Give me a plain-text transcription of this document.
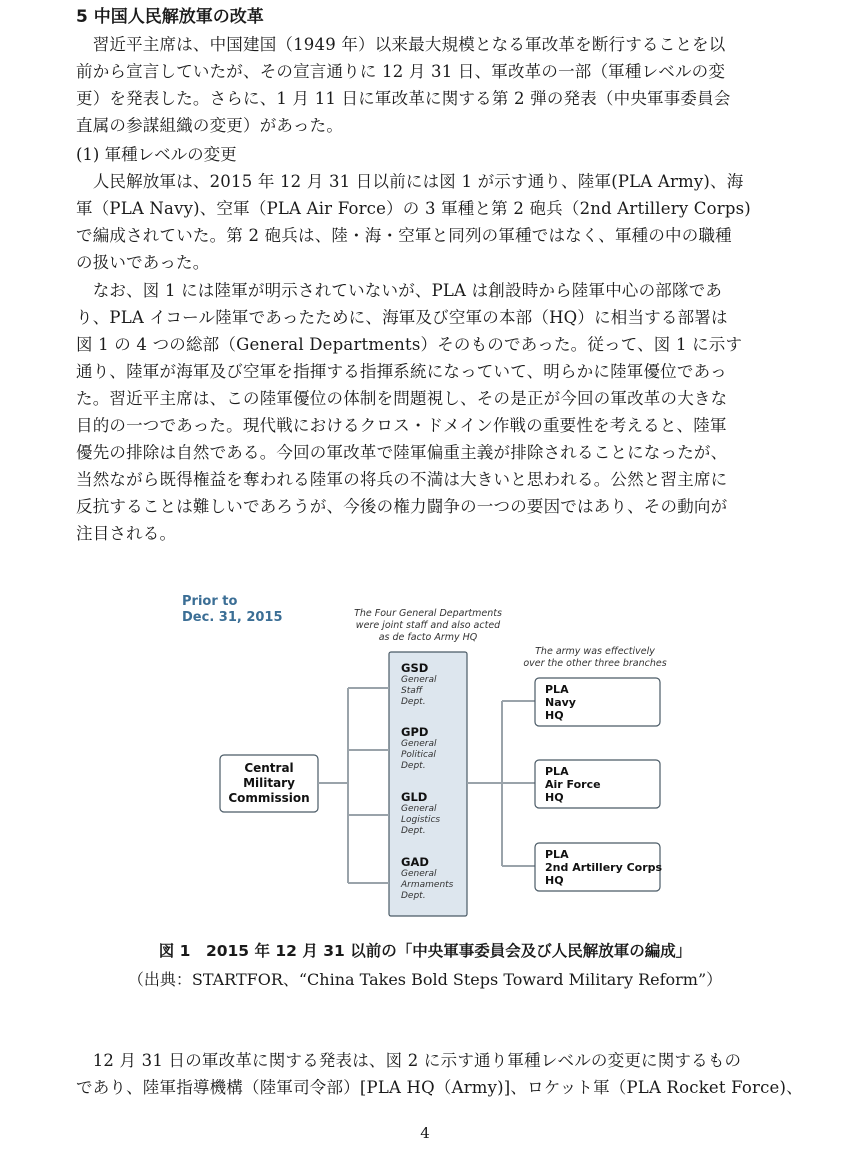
5 中国人民解放軍の改革
　習近平主席は、中国建国（1949 年）以来最大規模となる軍改革を断行することを以
前から宣言していたが、その宣言通りに 12 月 31 日、軍改革の一部（軍種レベルの変
更）を発表した。さらに、1 月 11 日に軍改革に関する第 2 弾の発表（中央軍事委員会
直属の参謀組織の変更）があった。
(1) 軍種レベルの変更
　人民解放軍は、2015 年 12 月 31 日以前には図 1 が示す通り、陸軍(PLA Army)、海
軍（PLA Navy)、空軍（PLA Air Force）の 3 軍種と第 2 砲兵（2nd Artillery Corps)
で編成されていた。第 2 砲兵は、陸・海・空軍と同列の軍種ではなく、軍種の中の職種
の扱いであった。
　なお、図 1 には陸軍が明示されていないが、PLA は創設時から陸軍中心の部隊であ
り、PLA イコール陸軍であったために、海軍及び空軍の本部（HQ）に相当する部署は
図 1 の 4 つの総部（General Departments）そのものであった。従って、図 1 に示す
通り、陸軍が海軍及び空軍を指揮する指揮系統になっていて、明らかに陸軍優位であっ
た。習近平主席は、この陸軍優位の体制を問題視し、その是正が今回の軍改革の大きな
目的の一つであった。現代戦におけるクロス・ドメイン作戦の重要性を考えると、陸軍
優先の排除は自然である。今回の軍改革で陸軍偏重主義が排除されることになったが、
当然ながら既得権益を奪われる陸軍の将兵の不満は大きいと思われる。公然と習主席に
反抗することは難しいであろうが、今後の権力闘争の一つの要因ではあり、その動向が
注目される。
Prior to
Dec. 31, 2015	The Four General Departments
were joint staff and also acted
as de facto Army HQ
The army was effectively
over the other three branches
Central
Military
Commission
GSD
General
Staff
Dept.
GPD
General
Political
Dept.
GLD
General
Logistics
Dept.
GAD
General
Armaments
Dept.
PLA
Navy
HQ
PLA
Air Force
HQ
PLA
2nd Artillery Corps
HQ
図 1　2015 年 12 月 31 以前の「中央軍事委員会及び人民解放軍の編成」
（出典：STARTFOR、“China Takes Bold Steps Toward Military Reform”）
　12 月 31 日の軍改革に関する発表は、図 2 に示す通り軍種レベルの変更に関するもの
であり、陸軍指導機構（陸軍司令部）[PLA HQ（Army)]、ロケット軍（PLA Rocket Force)、
4
